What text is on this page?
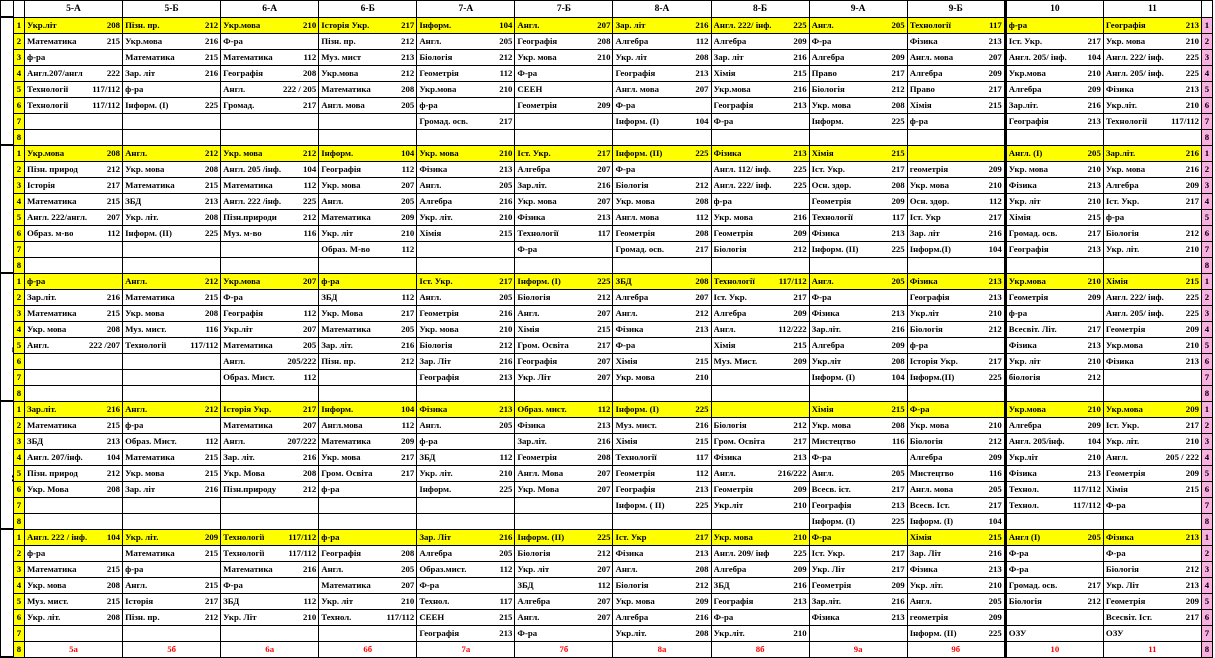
		5-А	5-Б	6-А	6-Б	7-А	7-Б	8-А	8-Б	9-А	9-Б	10	11	
	1	Укр.літ 208	Пізн. пр. 212	Укр.мова 210	Історія Укр. 217	Інформ. 104	Англ. 207	Зар. літ 216	Англ. 222/ інф. 225	Англ. 205	Технології 117	ф-ра	Географія 213	1
	2	Математика 215	Укр.мова 216	Ф-ра	Пізн. пр. 212	Англ. 205	Географія 208	Алгебра 112	Алгебра 209	Ф-ра	Фізика 213	Іст. Укр. 217	Укр. мова 210	2
	3	ф-ра	Математика 215	Математика 112	Муз. мист 213	Біологія 212	Укр. мова 210	Укр. літ 208	Зар. літ 216	Алгебра 209	Англ. мова 207	Англ. 205/ інф. 104	Англ. 222/ інф. 225	3
	4	Англ.207/англ 222	Зар. літ 216	Географія 208	Укр.мова 212	Геометрія 112	Ф-ра	Географія 213	Хімія 215	Право 217	Алгебра 209	Укр.мова 210	Англ. 205/ інф. 225	4
	5	Технології 117/112	ф-ра	Англ. 222 / 205	Математика 208	Укр.мова 210	СЕЕН	Англ. мова 207	Укр.мова 216	Біологія 212	Право 217	Алгебра 209	Фізика 213	5
	6	Технології 117/112	Інформ. (І) 225	Громад. 217	Англ. мова 205	ф-ра	Геометрія 209	Ф-ра	Географія 213	Укр. мова 208	Хімія 215	Зар.літ. 216	Укр.літ. 210	6
	7					Громад. осв. 217		Інформ. (І) 104	Ф-ра	Інформ. 225	ф-ра	Географія 213	Технології 117/112	7
	8													8
	1	Укр.мова 208	Англ. 212	Укр. мова 212	Інформ. 104	Укр. мова 210	Іст. Укр. 217	Інформ. (ІІ) 225	Фізика 213	Хімія 215		Англ. (І) 205	Зар.літ. 216	1
	2	Пізн. природ 212	Укр. мова 208	Англ. 205 /інф. 104	Географія 112	Фізика 213	Алгебра 207	Ф-ра	Англ. 112/ інф. 225	Іст. Укр. 217	геометрія 209	Укр. мова 210	Укр. мова 216	2
	3	Історія 217	Математика 215	Математика 112	Укр. мова 207	Англ. 205	Зар.літ. 216	Біологія 212	Англ. 222/ інф. 225	Осн. здор. 208	Укр. мова 210	Фізика 213	Алгебра 209	3
	4	Математика 215	ЗБД 213	Англ. 222 /інф. 225	Англ. 205	Алгебра 216	Укр. мова 207	Укр. мова 208	ф-ра	Геометрія 209	Осн. здор. 112	Укр. літ 210	Іст. Укр. 217	4
	5	Англ. 222/англ. 207	Укр. літ. 208	Пізн.природи 212	Математика 209	Укр. літ. 210	Фізика 213	Англ. мова 112	Укр. мова 216	Технології 117	Іст. Укр 217	Хімія 215	ф-ра	5
	6	Образ. м-во 112	Інформ. (ІІ) 225	Муз. м-во 116	Укр. літ 210	Хімія 215	Технології 117	Геометрія 208	Геометрія 209	Фізика 213	Зар. літ 216	Громад. осв. 217	Біологія 212	6
	7				Образ. М-во 112		Ф-ра	Громад. осв. 217	Біологія 212	Інформ. (ІІ) 225	Інформ.(І) 104	Географія 213	Укр. літ. 210	7
	8													8
Середа	1	ф-ра	Англ. 212	Укр.мова 207	ф-ра	Іст. Укр. 217	Інформ. (І) 225	ЗБД 208	Технології 117/112	Англ. 205	Фізика 213	Укр.мова 210	Хімія 215	1
	2	Зар.літ. 216	Математика 215	Ф-ра	ЗБД 112	Англ. 205	Біологія 212	Алгебра 207	Іст. Укр. 217	Ф-ра	Географія 213	Геометрія 209	Англ. 222/ інф. 225	2
	3	Математика 215	Укр. мова 208	Географія 112	Укр. Мова 217	Геометрія 216	Англ. 207	Англ. 212	Алгебра 209	Фізика 213	Укр.літ 210	ф-ра	Англ. 205/ інф. 225	3
	4	Укр. мова 208	Муз. мист. 116	Укр.літ 207	Математика 205	Укр. мова 210	Хімія 215	Фізика 213	Англ. 112/222	Зар.літ. 216	Біологія 212	Всесвіт. Літ. 217	Геометрія 209	4
	5	Англ. 222 /207	Технології 117/112	Математика 205	Зар. літ. 216	Біологія 212	Гром. Освіта 217	Ф-ра	Хімія 215	Алгебра 209	ф-ра	Фізика 213	Укр.мова 210	5
	6			Англ. 205/222	Пізн. пр. 212	Зар. Літ 216	Географія 207	Хімія 215	Муз. Мист. 209	Укр.літ 208	Історія Укр. 217	Укр. літ 210	Фізика 213	6
	7			Образ. Мист. 112		Географія 213	Укр. Літ 207	Укр. мова 210		Інформ. (І) 104	Інформ.(ІІ) 225	біологія 212		7
	8													8
Четвер	1	Зар.літ. 216	Англ. 212	Історія Укр. 217	Інформ. 104	Фізика 213	Образ. мист. 112	Інформ. (І) 225		Хімія 215	Ф-ра	Укр.мова 210	Укр.мова 209	1
	2	Математика 215	ф-ра	Математика 207	Англ.мова 112	Англ. 205	Фізика 213	Муз. мист. 216	Біологія 212	Укр. мова 208	Укр. мова 210	Алгебра 209	Іст. Укр. 217	2
	3	ЗБД 213	Образ. Мист. 112	Англ. 207/222	Математика 209	ф-ра	Зар.літ. 216	Хімія 215	Гром. Освіта 217	Мистецтво 116	Біологія 212	Англ. 205/інф. 104	Укр. літ. 210	3
	4	Англ. 207/інф. 104	Математика 215	Зар. літ. 216	Укр. мова 217	ЗБД 112	Геометрія 208	Технології 117	Фізика 213	Ф-ра	Алгебра 209	Укр.літ 210	Англ. 205 / 222	4
	5	Пізн. природ 212	Укр. мова 215	Укр. Мова 208	Гром. Освіта 217	Укр. літ. 210	Англ. Мова 207	Геометрія 112	Англ. 216/222	Англ. 205	Мистецтво 116	Фізика 213	Геометрія 209	5
	6	Укр. Мова 208	Зар. літ 216	Пізн.природу 212	ф-ра	Інформ. 225	Укр. Мова 207	Географія 213	Геометрія 209	Всесв. іст. 217	Англ. мова 205	Технол. 117/112	Хімія 215	6
	7							Інформ. ( ІІ) 225	Укр.літ 210	Географія 213	Всесв. Іст. 217	Технол. 117/112	Ф-ра	7
	8									Інформ. (І) 225	Інформ. (І) 104			8
	1	Англ. 222 / інф. 104	Укр. літ. 209	Технології 117/112	ф-ра	Зар. Літ 216	Інформ. (ІІ) 225	Іст. Укр 217	Укр. мова 210	Ф-ра	Хімія 215	Англ (І) 205	Фізика 213	1
	2	ф-ра	Математика 215	Технології 117/112	Географія 208	Алгебра 205	Біологія 212	Фізика 213	Англ. 209/ інф 225	Іст. Укр. 217	Зар. Літ 216	Ф-ра	Ф-ра	2
	3	Математика 215	ф-ра	Математика 216	Англ. 205	Образ.мист. 112	Укр. літ 207	Англ. 208	Алгебра 209	Укр. Літ 217	Фізика 213	Ф-ра	Біологія 212	3
	4	Укр. мова 208	Англ. 215	Ф-ра	Математика 207	Ф-ра	ЗБД 112	Біологія 212	ЗБД 216	Геометрія 209	Укр. літ. 210	Громад. осв. 217	Укр. Літ 213	4
	5	Муз. мист. 215	Історія 217	ЗБД 112	Укр. літ 210	Технол. 117	Алгебра 207	Укр. мова 209	Географія 213	Зар.літ. 216	Англ. 205	Біологія 212	Геометрія 209	5
	6	Укр. літ. 208	Пізн. пр. 212	Укр. Літ 210	Технол. 117/112	СЕЕН 215	Англ. 207	Алгебра 216	Ф-ра	Фізика 213	геометрія 209		Всесвіт. Іст. 217	6
	7					Географія 213	Ф-ра	Укр.літ. 208	Укр.літ. 210		Інформ. (ІІ) 225	ОЗУ	ОЗУ	7
	8	5а	5б	6а	6б	7а	7б	8а	8б	9а	9б	10	11	8
